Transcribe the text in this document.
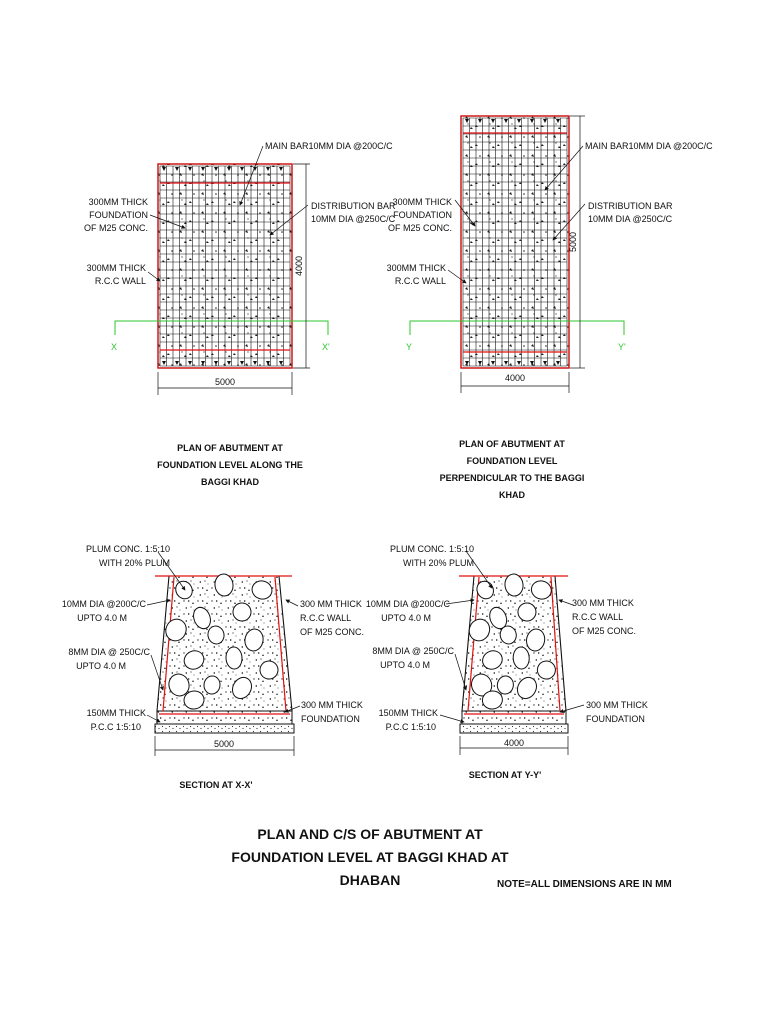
X	X'
5000
4000
MAIN BAR10MM DIA @200C/C
300MM THICK
FOUNDATION
OF M25 CONC.
DISTRIBUTION BAR
10MM DIA @250C/C
300MM THICK
R.C.C WALL
PLAN OF ABUTMENT AT
FOUNDATION LEVEL ALONG THE
BAGGI KHAD
Y	Y'
4000
5000
MAIN BAR10MM DIA @200C/C
300MM THICK
FOUNDATION
OF M25 CONC.
DISTRIBUTION BAR
10MM DIA @250C/C
300MM THICK
R.C.C WALL
PLAN OF ABUTMENT AT
FOUNDATION LEVEL
PERPENDICULAR TO THE BAGGI
KHAD
5000
PLUM CONC. 1:5:10
WITH 20% PLUM
10MM DIA @200C/C
UPTO 4.0 M
8MM DIA @ 250C/C
UPTO 4.0 M
150MM THICK
P.C.C 1:5:10
300 MM THICK
R.C.C WALL
OF M25 CONC.
300 MM THICK
FOUNDATION
SECTION AT X-X'
4000
PLUM CONC. 1:5:10
WITH 20% PLUM
10MM DIA @200C/C
UPTO 4.0 M
8MM DIA @ 250C/C
UPTO 4.0 M
150MM THICK
P.C.C 1:5:10
300 MM THICK
R.C.C WALL
OF M25 CONC.
300 MM THICK
FOUNDATION
SECTION AT Y-Y'
PLAN AND C/S OF ABUTMENT AT
FOUNDATION LEVEL AT BAGGI KHAD AT
DHABAN	NOTE=ALL DIMENSIONS ARE IN MM
